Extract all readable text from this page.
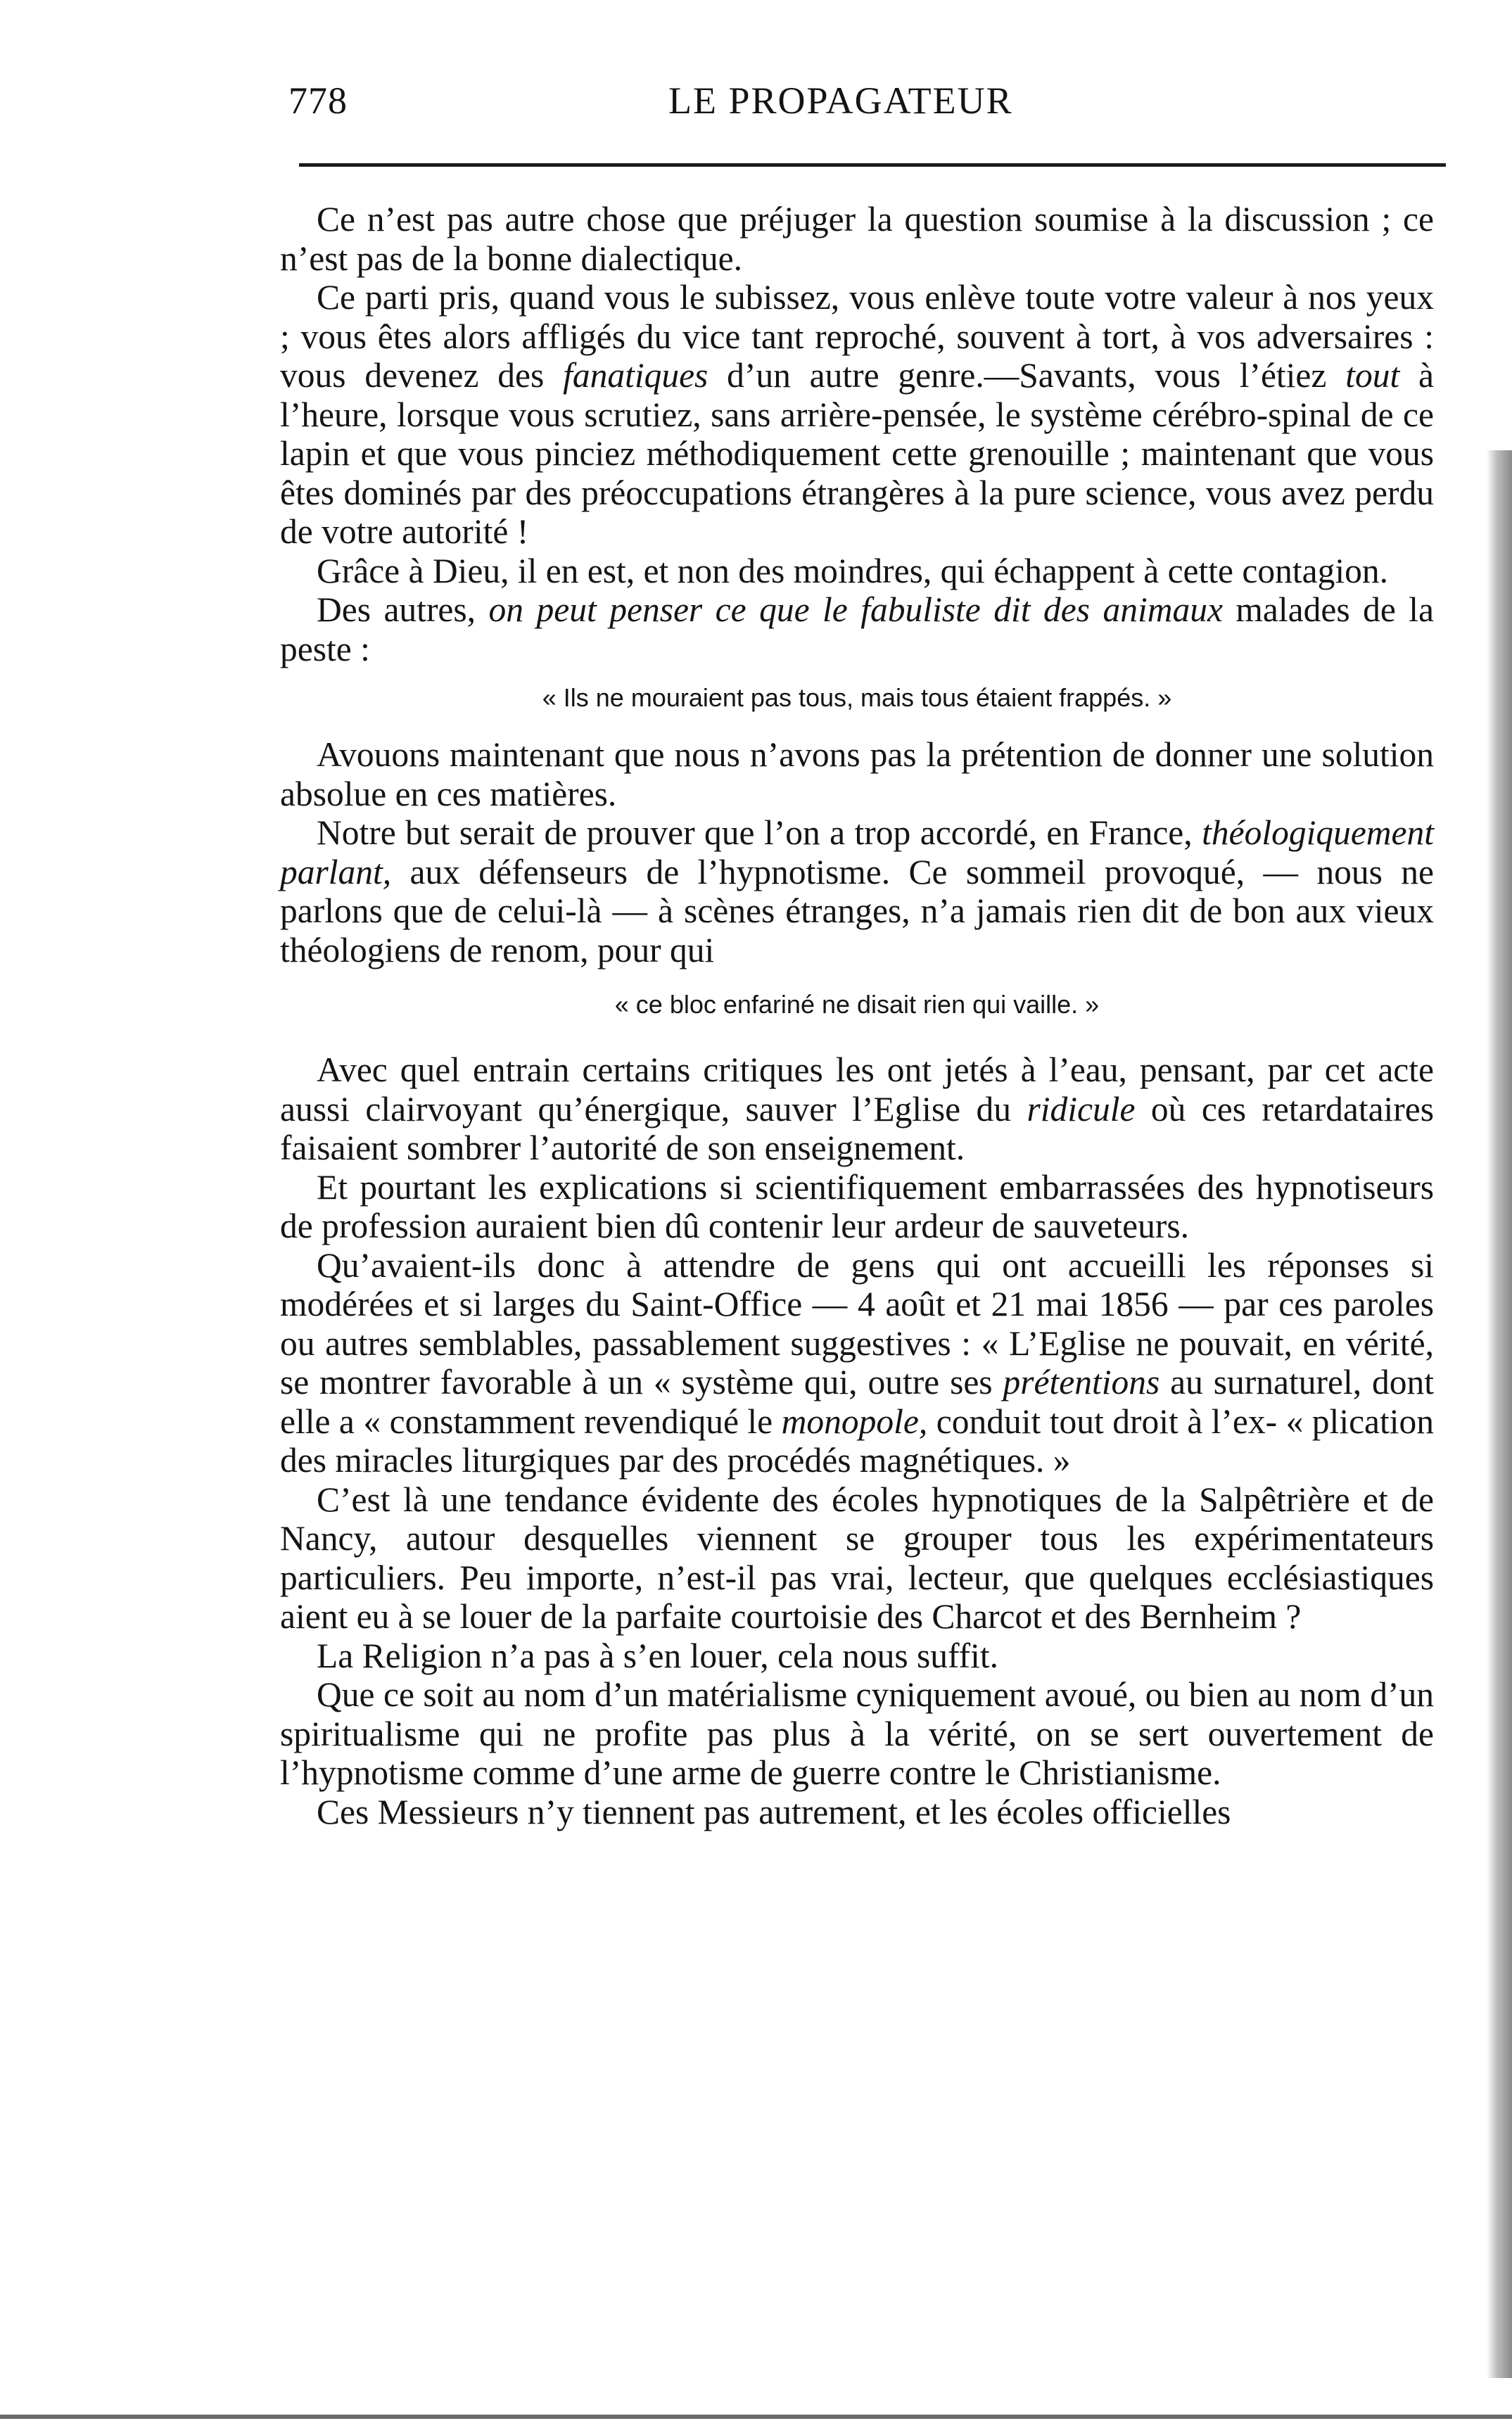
778	LE PROPAGATEUR

Ce n’est pas autre chose que préjuger la question soumise à la discussion ; ce n’est pas de la bonne dialectique.

Ce parti pris, quand vous le subissez, vous enlève toute votre valeur à nos yeux ; vous êtes alors affligés du vice tant reproché, souvent à tort, à vos adversaires : vous devenez des fanatiques d’un autre genre.—Savants, vous l’étiez tout à l’heure, lorsque vous scrutiez, sans arrière-pensée, le système cérébro-spinal de ce lapin et que vous pinciez méthodiquement cette grenouille ; maintenant que vous êtes dominés par des préoccupations étrangères à la pure science, vous avez perdu de votre autorité !

Grâce à Dieu, il en est, et non des moindres, qui échappent à cette contagion.

Des autres, on peut penser ce que le fabuliste dit des animaux malades de la peste :

« Ils ne mouraient pas tous, mais tous étaient frappés. »

Avouons maintenant que nous n’avons pas la prétention de donner une solution absolue en ces matières.

Notre but serait de prouver que l’on a trop accordé, en France, théologiquement parlant, aux défenseurs de l’hypnotisme. Ce sommeil provoqué, — nous ne parlons que de celui-là — à scènes étranges, n’a jamais rien dit de bon aux vieux théologiens de renom, pour qui

« ce bloc enfariné ne disait rien qui vaille. »

Avec quel entrain certains critiques les ont jetés à l’eau, pensant, par cet acte aussi clairvoyant qu’énergique, sauver l’Eglise du ridicule où ces retardataires faisaient sombrer l’autorité de son enseignement.

Et pourtant les explications si scientifiquement embarrassées des hypnotiseurs de profession auraient bien dû contenir leur ardeur de sauveteurs.

Qu’avaient-ils donc à attendre de gens qui ont accueilli les réponses si modérées et si larges du Saint-Office — 4 août et 21 mai 1856 — par ces paroles ou autres semblables, passablement suggestives : « L’Eglise ne pouvait, en vérité, se montrer favorable à un « système qui, outre ses prétentions au surnaturel, dont elle a « constamment revendiqué le monopole, conduit tout droit à l’ex- « plication des miracles liturgiques par des procédés magnétiques. »

C’est là une tendance évidente des écoles hypnotiques de la Salpêtrière et de Nancy, autour desquelles viennent se grouper tous les expérimentateurs particuliers. Peu importe, n’est-il pas vrai, lecteur, que quelques ecclésiastiques aient eu à se louer de la parfaite courtoisie des Charcot et des Bernheim ?

La Religion n’a pas à s’en louer, cela nous suffit.

Que ce soit au nom d’un matérialisme cyniquement avoué, ou bien au nom d’un spiritualisme qui ne profite pas plus à la vérité, on se sert ouvertement de l’hypnotisme comme d’une arme de guerre contre le Christianisme.

Ces Messieurs n’y tiennent pas autrement, et les écoles officielles
